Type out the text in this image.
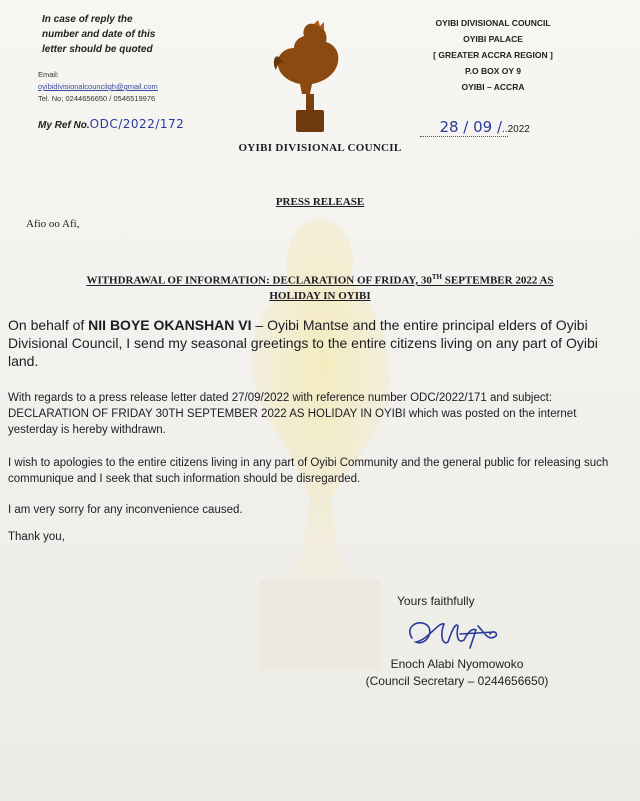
In case of reply the
number and date of this
letter should be quoted
Email:
oyibidivisionalcouncilgh@gmail.com
Tel. No; 0244656650 / 0546519976
My Ref No.ODC/2022/172
OYIBI DIVISIONAL COUNCIL
OYIBI PALACE
[ GREATER ACCRA REGION ]
P.O BOX OY 9
OYIBI – ACCRA
28 / 09 /..2022
OYIBI DIVISIONAL COUNCIL
PRESS RELEASE
Afio oo Afi,
WITHDRAWAL OF INFORMATION: DECLARATION OF FRIDAY, 30TH SEPTEMBER 2022 AS
HOLIDAY IN OYIBI
On behalf of NII BOYE OKANSHAN VI – Oyibi Mantse and the entire principal elders of Oyibi Divisional Council, I send my seasonal greetings to the entire citizens living on any part of Oyibi land.
With regards to a press release letter dated 27/09/2022 with reference number ODC/2022/171 and subject: DECLARATION OF FRIDAY 30TH SEPTEMBER 2022 AS HOLIDAY IN OYIBI which was posted on the internet yesterday is hereby withdrawn.
I wish to apologies to the entire citizens living in any part of Oyibi Community and the general public for releasing such communique and I seek that such information should be disregarded.
I am very sorry for any inconvenience caused.
Thank you,
Yours faithfully
Enoch Alabi Nyomowoko
(Council Secretary – 0244656650)
